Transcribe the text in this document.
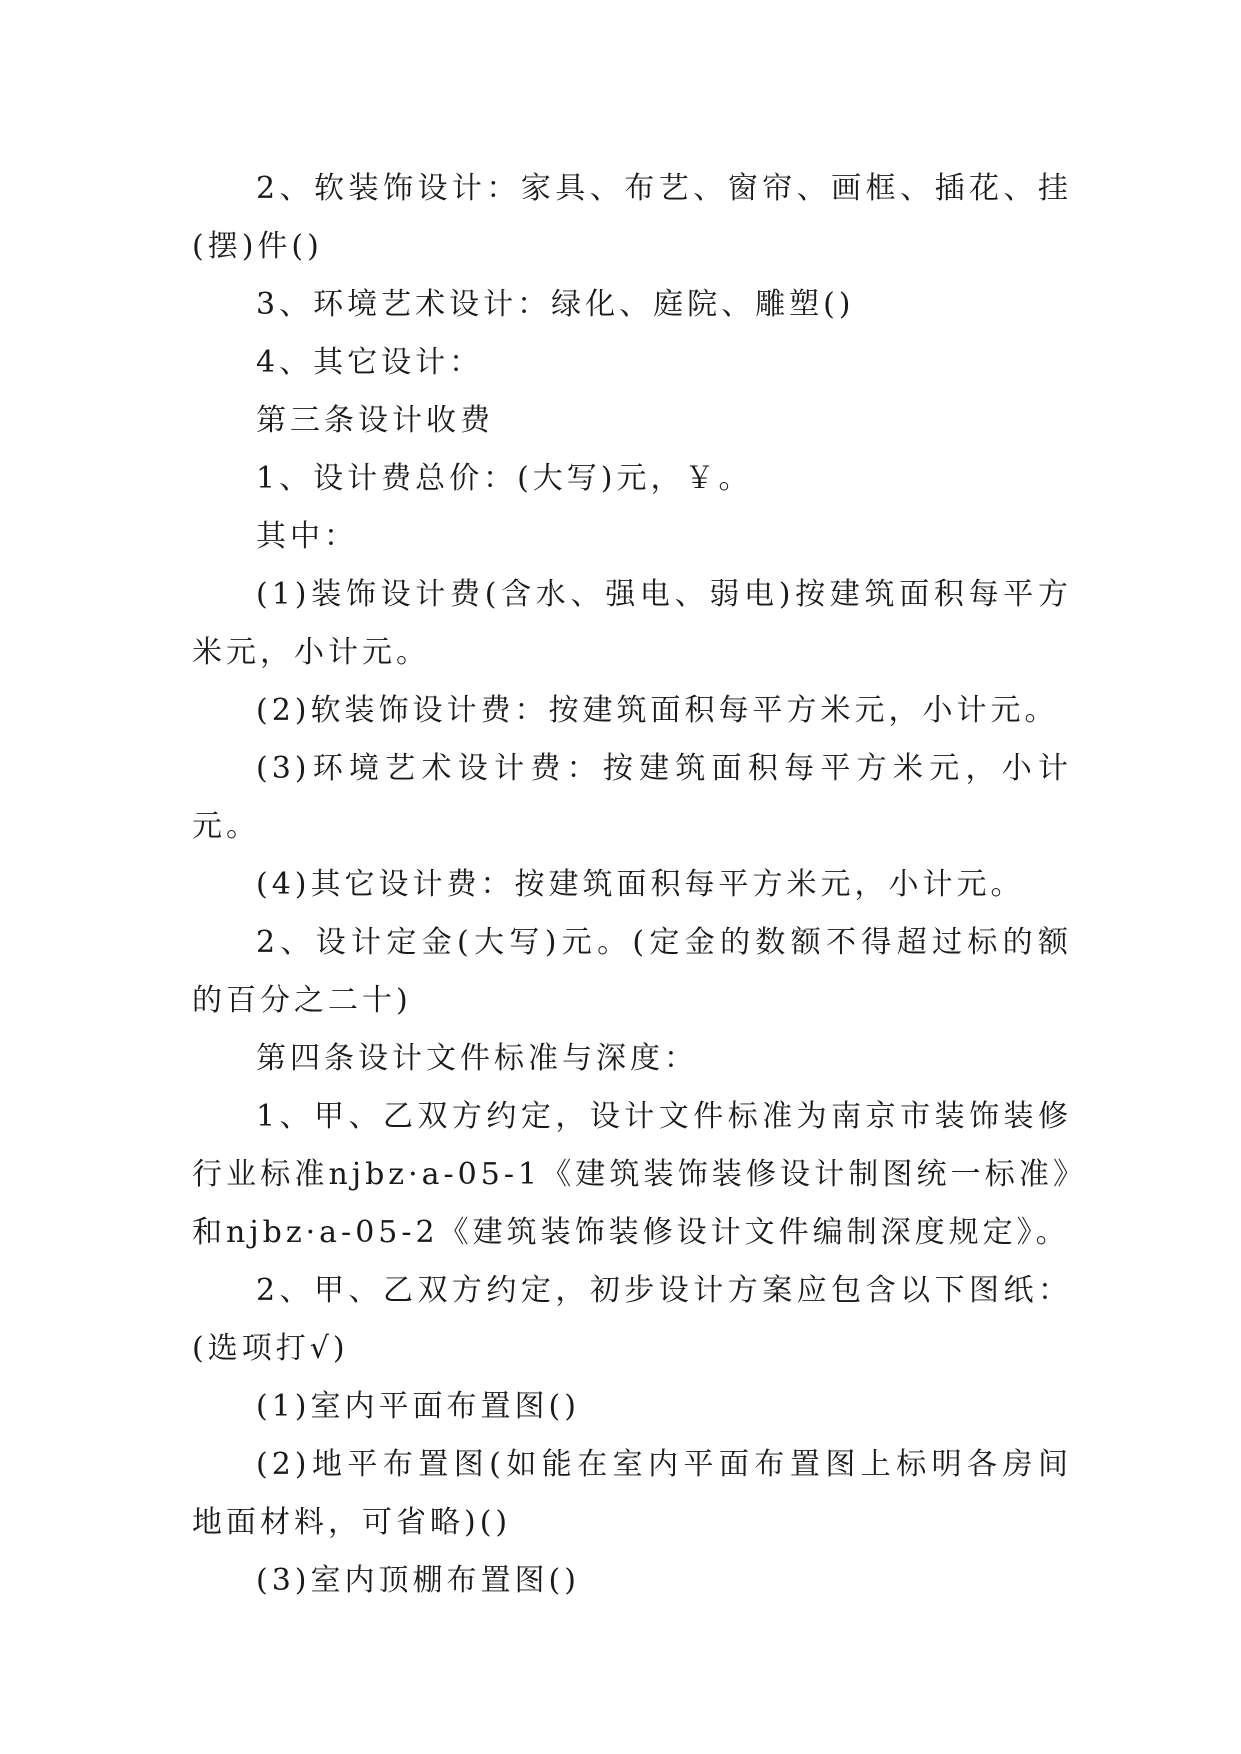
2、软装饰设计：家具、布艺、窗帘、画框、插花、挂(摆)件()

3、环境艺术设计：绿化、庭院、雕塑()

4、其它设计：

第三条设计收费

1、设计费总价：(大写)元，￥。

其中：

(1)装饰设计费(含水、强电、弱电)按建筑面积每平方米元，小计元。

(2)软装饰设计费：按建筑面积每平方米元，小计元。

(3)环境艺术设计费：按建筑面积每平方米元，小计元。

(4)其它设计费：按建筑面积每平方米元，小计元。

2、设计定金(大写)元。(定金的数额不得超过标的额的百分之二十)

第四条设计文件标准与深度：

1、甲、乙双方约定，设计文件标准为南京市装饰装修行业标准njbz·a-05-1《建筑装饰装修设计制图统一标准》和njbz·a-05-2《建筑装饰装修设计文件编制深度规定》。

2、甲、乙双方约定，初步设计方案应包含以下图纸：(选项打√)

(1)室内平面布置图()

(2)地平布置图(如能在室内平面布置图上标明各房间地面材料，可省略)()

(3)室内顶棚布置图()
